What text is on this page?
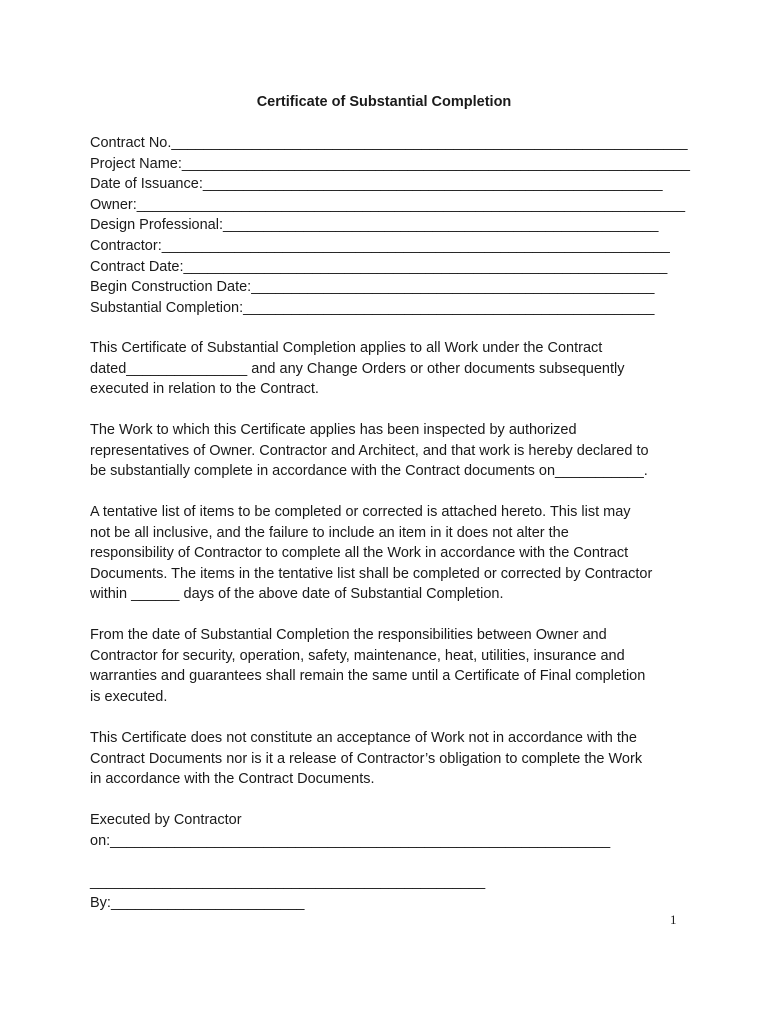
Certificate of Substantial Completion
Contract No.________________________________________________________________
Project Name:_______________________________________________________________
Date of Issuance:_________________________________________________________
Owner:____________________________________________________________________
Design Professional:______________________________________________________
Contractor:_______________________________________________________________
Contract Date:____________________________________________________________
Begin Construction Date:__________________________________________________
Substantial Completion:___________________________________________________
This Certificate of Substantial Completion applies to all Work under the Contract
dated_______________ and any Change Orders or other documents subsequently
executed in relation to the Contract.
The Work to which this Certificate applies has been inspected by authorized
representatives of Owner. Contractor and Architect, and that work is hereby declared to
be substantially complete in accordance with the Contract documents on___________.
A tentative list of items to be completed or corrected is attached hereto. This list may
not be all inclusive, and the failure to include an item in it does not alter the
responsibility of Contractor to complete all the Work in accordance with the Contract
Documents. The items in the tentative list shall be completed or corrected by Contractor
within ______ days of the above date of Substantial Completion.
From the date of Substantial Completion the responsibilities between Owner and
Contractor for security, operation, safety, maintenance, heat, utilities, insurance and
warranties and guarantees shall remain the same until a Certificate of Final completion
is executed.
This Certificate does not constitute an acceptance of Work not in accordance with the
Contract Documents nor is it a release of Contractor’s obligation to complete the Work
in accordance with the Contract Documents.
Executed by Contractor
on:______________________________________________________________
_________________________________________________
By:________________________
1
